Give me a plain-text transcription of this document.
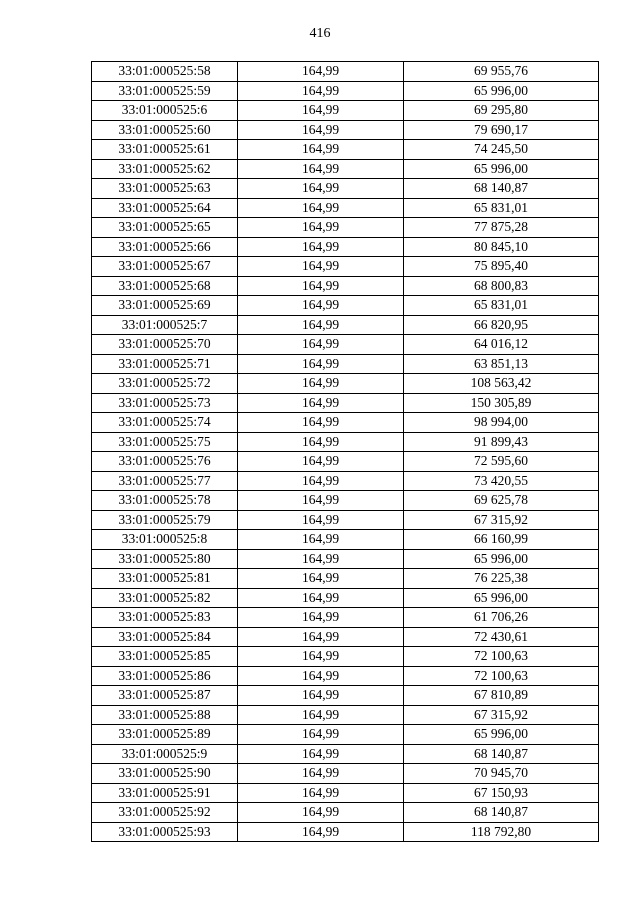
416
33:01:000525:58	164,99	69 955,76
33:01:000525:59	164,99	65 996,00
33:01:000525:6	164,99	69 295,80
33:01:000525:60	164,99	79 690,17
33:01:000525:61	164,99	74 245,50
33:01:000525:62	164,99	65 996,00
33:01:000525:63	164,99	68 140,87
33:01:000525:64	164,99	65 831,01
33:01:000525:65	164,99	77 875,28
33:01:000525:66	164,99	80 845,10
33:01:000525:67	164,99	75 895,40
33:01:000525:68	164,99	68 800,83
33:01:000525:69	164,99	65 831,01
33:01:000525:7	164,99	66 820,95
33:01:000525:70	164,99	64 016,12
33:01:000525:71	164,99	63 851,13
33:01:000525:72	164,99	108 563,42
33:01:000525:73	164,99	150 305,89
33:01:000525:74	164,99	98 994,00
33:01:000525:75	164,99	91 899,43
33:01:000525:76	164,99	72 595,60
33:01:000525:77	164,99	73 420,55
33:01:000525:78	164,99	69 625,78
33:01:000525:79	164,99	67 315,92
33:01:000525:8	164,99	66 160,99
33:01:000525:80	164,99	65 996,00
33:01:000525:81	164,99	76 225,38
33:01:000525:82	164,99	65 996,00
33:01:000525:83	164,99	61 706,26
33:01:000525:84	164,99	72 430,61
33:01:000525:85	164,99	72 100,63
33:01:000525:86	164,99	72 100,63
33:01:000525:87	164,99	67 810,89
33:01:000525:88	164,99	67 315,92
33:01:000525:89	164,99	65 996,00
33:01:000525:9	164,99	68 140,87
33:01:000525:90	164,99	70 945,70
33:01:000525:91	164,99	67 150,93
33:01:000525:92	164,99	68 140,87
33:01:000525:93	164,99	118 792,80
